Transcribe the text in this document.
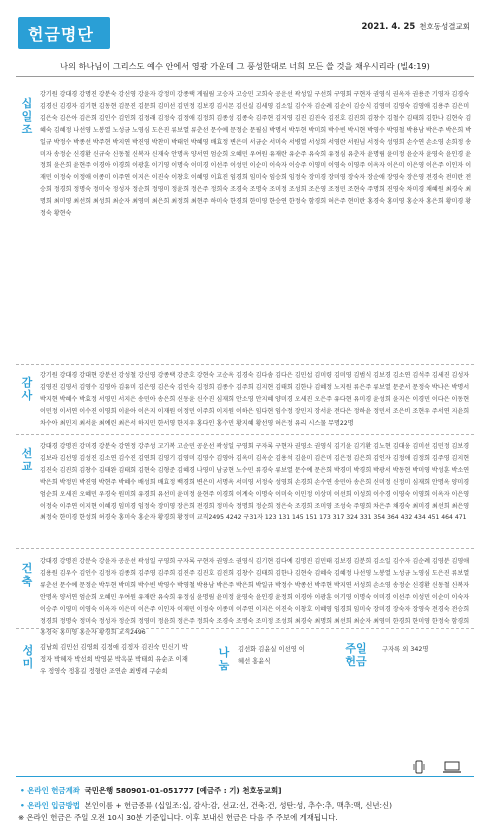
헌금명단	2021. 4. 25 천호동성결교회
나의 하나님이 그리스도 예수 안에서 영광 가운데 그 풍성한대로 너희 모든 쓸 것을 채우시리라 (빌4:19)
십일조
강기원 강대경 강명진 강분숙 강신영 강윤자 강정미 강종택 게월림 고승자 고승민 고희숙 공운선 곽성일 구선희 구영회 구현자 권영식 권옥자 권용준 기영자 김경숙 김경신 김경자 김기현 김동현 김문진 김문희 김미선 김민정 김보경 김시몬 김신실 김세영 김소일 김수자 김순례 김순이 김승식 김영미 김영숙 김영애 김용주 김은미 김은숙 김은아 김은희 김인수 김인희 김정래 김정숙 김정애 김정희 김종성 김종숙 김주현 김지영 김진 김진숙 김진호 김진희 김창수 김철수 김태희 김한나 김현숙 김혜숙 김혜정 나선영 노봉열 노성금 노영심 도은진 류보열 류춘선 문수예 문정순 문필심 박명서 박두현 박미희 박수빈 박시현 박영수 박영철 박용남 박은주 박은희 박일규 박정수 박종선 박주현 박지연 박진영 박찬미 박태인 박혜영 배효정 변은미 서금순 서미숙 서병열 서성희 서영란 서원님 서정숙 성영희 손수연 손소영 손희정 송미자 송정순 신경환 신규숙 신동철 신복자 신재숙 안명옥 양서연 엄순희 오혜민 우여원 유재란 유순주 유숙희 유정심 유춘자 윤명림 윤미정 윤순자 윤영숙 윤인경 윤정희 윤은희 윤현주 이경아 이경희 이광훈 이기영 이명숙 이미경 이선주 이성민 이순미 이숙자 이승주 이영미 이영숙 이영주 이옥자 이은미 이은영 이은주 이인자 이재민 이정숙 이정애 이종미 이주연 이지은 이진숙 이창호 이혜영 이효진 임경희 임미숙 임승희 임정숙 장미경 장미영 장숙자 장순애 장영숙 장은영 전경숙 전미란 전승희 정경희 정명숙 정미숙 정성자 정순희 정영미 정윤희 정은주 정희숙 조경숙 조명숙 조미정 조성희 조은영 조정민 조현숙 주명희 진영숙 차미경 채혜원 최경숙 최명희 최미영 최선희 최성희 최순자 최영미 최은희 최정희 최현주 하미숙 한경희 한미영 한승연 한정숙 함경희 허은주 현미란 홍경숙 홍미영 홍순자 홍은희 황미경 황정숙 황현숙
감사
강기원 강대경 강대현 강분선 강성철 강신영 강종택 강준호 강현숙 고순옥 김경숙 김다솜 김다은 김민섭 김미령 김미영 김범식 김보경 김소연 김석주 김세진 김성자 김영진 김영서 김영수 김영아 김유미 김은영 김은숙 김인숙 김정희 김종수 김주희 김지현 김태희 김한나 김혜정 노지원 류은주 류보열 문준서 문정숙 박나은 박명서 박지현 박혜수 박효정 서영민 서지은 송민아 송은희 신동윤 신수진 심재희 안소영 안지혜 양미경 오세진 오은주 유다현 유미경 윤성희 윤지은 이경민 이다은 이동현 이민정 이서연 이수진 이영희 이윤아 이은지 이재원 이정민 이주희 이지원 이하은 임다현 임수정 장민지 장서윤 전다은 정하윤 정민서 조은비 조현우 주서연 지윤희 차수아 최민지 최서윤 최예린 최은서 하지민 한서영 한지우 홍다인 홍수민 황지혜 황선영 허은정 유리 시스물 무명22명
선교
강대경 강명진 강미경 강분숙 강연정 강주성 고기복 고순민 공운선 곽성일 구영회 구자록 구현자 권영소 권영식 김기윤 김기환 김노현 김대웅 김미선 김민정 김보경 김보라 김선영 김성진 김소연 김수진 김연희 김영기 김영미 김영수 김영아 김옥미 김옥순 김용석 김윤미 김은미 김은정 김은희 김인자 김정애 김정희 김주영 김지현 김진숙 김진희 김창수 김태완 김태희 김현숙 김형준 김혜경 나영미 남궁현 노수민 류경숙 류보열 문수예 문은희 박경미 박경희 박광서 박동현 박미영 박성훈 박소연 박은희 박정민 박진영 박현주 박혜수 배성희 배효정 백경희 변은미 서명옥 서미영 서정숙 성영희 손경희 손수연 송민아 송은희 신미정 신정미 심재희 안명옥 양미경 엄순희 오세진 오혜민 우경숙 원미희 유경희 유선미 윤미정 윤현주 이경희 이계숙 이명숙 이미숙 이민정 이상미 이선희 이성희 이수경 이영숙 이영희 이옥자 이은영 이정숙 이주연 이지현 이혜경 임미경 임정숙 장미영 장은희 전경희 정미숙 정명희 정순희 정은숙 조경희 조미영 조성숙 주영희 차은주 채경숙 최미경 최선희 최은영 최정숙 한미경 한성희 허경숙 홍미숙 홍순자 황경희 황정미 교직2495 4242 구31자 123 131 145 151 173 317 324 331 354 364 432 434 451 464 471
건축
강대경 강명진 강분숙 강윤자 공운선 곽성일 구영희 구자록 구현자 권영소 권영식 김기현 김다예 김명진 김민태 김보경 김분희 김소일 김수자 김순례 김영분 김영애 김용원 김우수 김인수 김정자 김종희 김주영 김주희 김진주 김진호 김진희 김창수 김태희 김한나 김현숙 김혜숙 김혜정 나선영 노봉열 노성금 노영심 도은진 류보열 류춘선 문수예 문정순 박두현 박미희 박수빈 박영수 박영철 박용남 박은주 박은희 박일규 박정수 박종선 박주현 박지연 서성희 손소영 송정순 신경환 신동철 신복자 안명옥 양서연 엄순희 오혜민 우여원 유재란 유숙희 유정심 윤명림 윤미정 윤영숙 윤인경 윤정희 이경아 이광훈 이기영 이명숙 이미경 이선주 이성민 이순미 이숙자 이승주 이영미 이영숙 이옥자 이은미 이은주 이인자 이재민 이정숙 이종미 이주연 이지은 이진숙 이창호 이혜영 임경희 임미숙 장미경 장숙자 장영숙 전경숙 전승희 정경희 정명숙 정미숙 정성자 정순희 정영미 정윤희 정은주 정희숙 조경숙 조명숙 조미정 조성희 최경숙 최명희 최선희 최순자 최영미 한경희 한미영 한정숙 함경희 홍경숙 홍미영 홍순자 황경희 교직2496
성미
김남희 김민선 김영희 김정애 김정자 김진숙 민신기 박정자 박혜자 박선희 박영분 박옥분 박태희 유순조 이재우 정영숙 정홍길 정형란 조연순 최병례 구순희
나눔
김선화 김윤실 이선영 이혜선 홍윤식
주일헌금
구자록 외 342명
• 온라인 헌금계좌 국민은행 580901-01-051777 [예금주 : 기) 천호동교회]
• 온라인 입금방법 본인이름 + 헌금종류 (십일조:십, 감사:감, 선교:선, 건축:건, 성탄:성, 추수:추, 맥추:맥, 신년:신)
※ 온라인 헌금은 주일 오전 10시 30분 기준입니다. 이후 보내신 헌금은 다음 주 주보에 게재됩니다.
